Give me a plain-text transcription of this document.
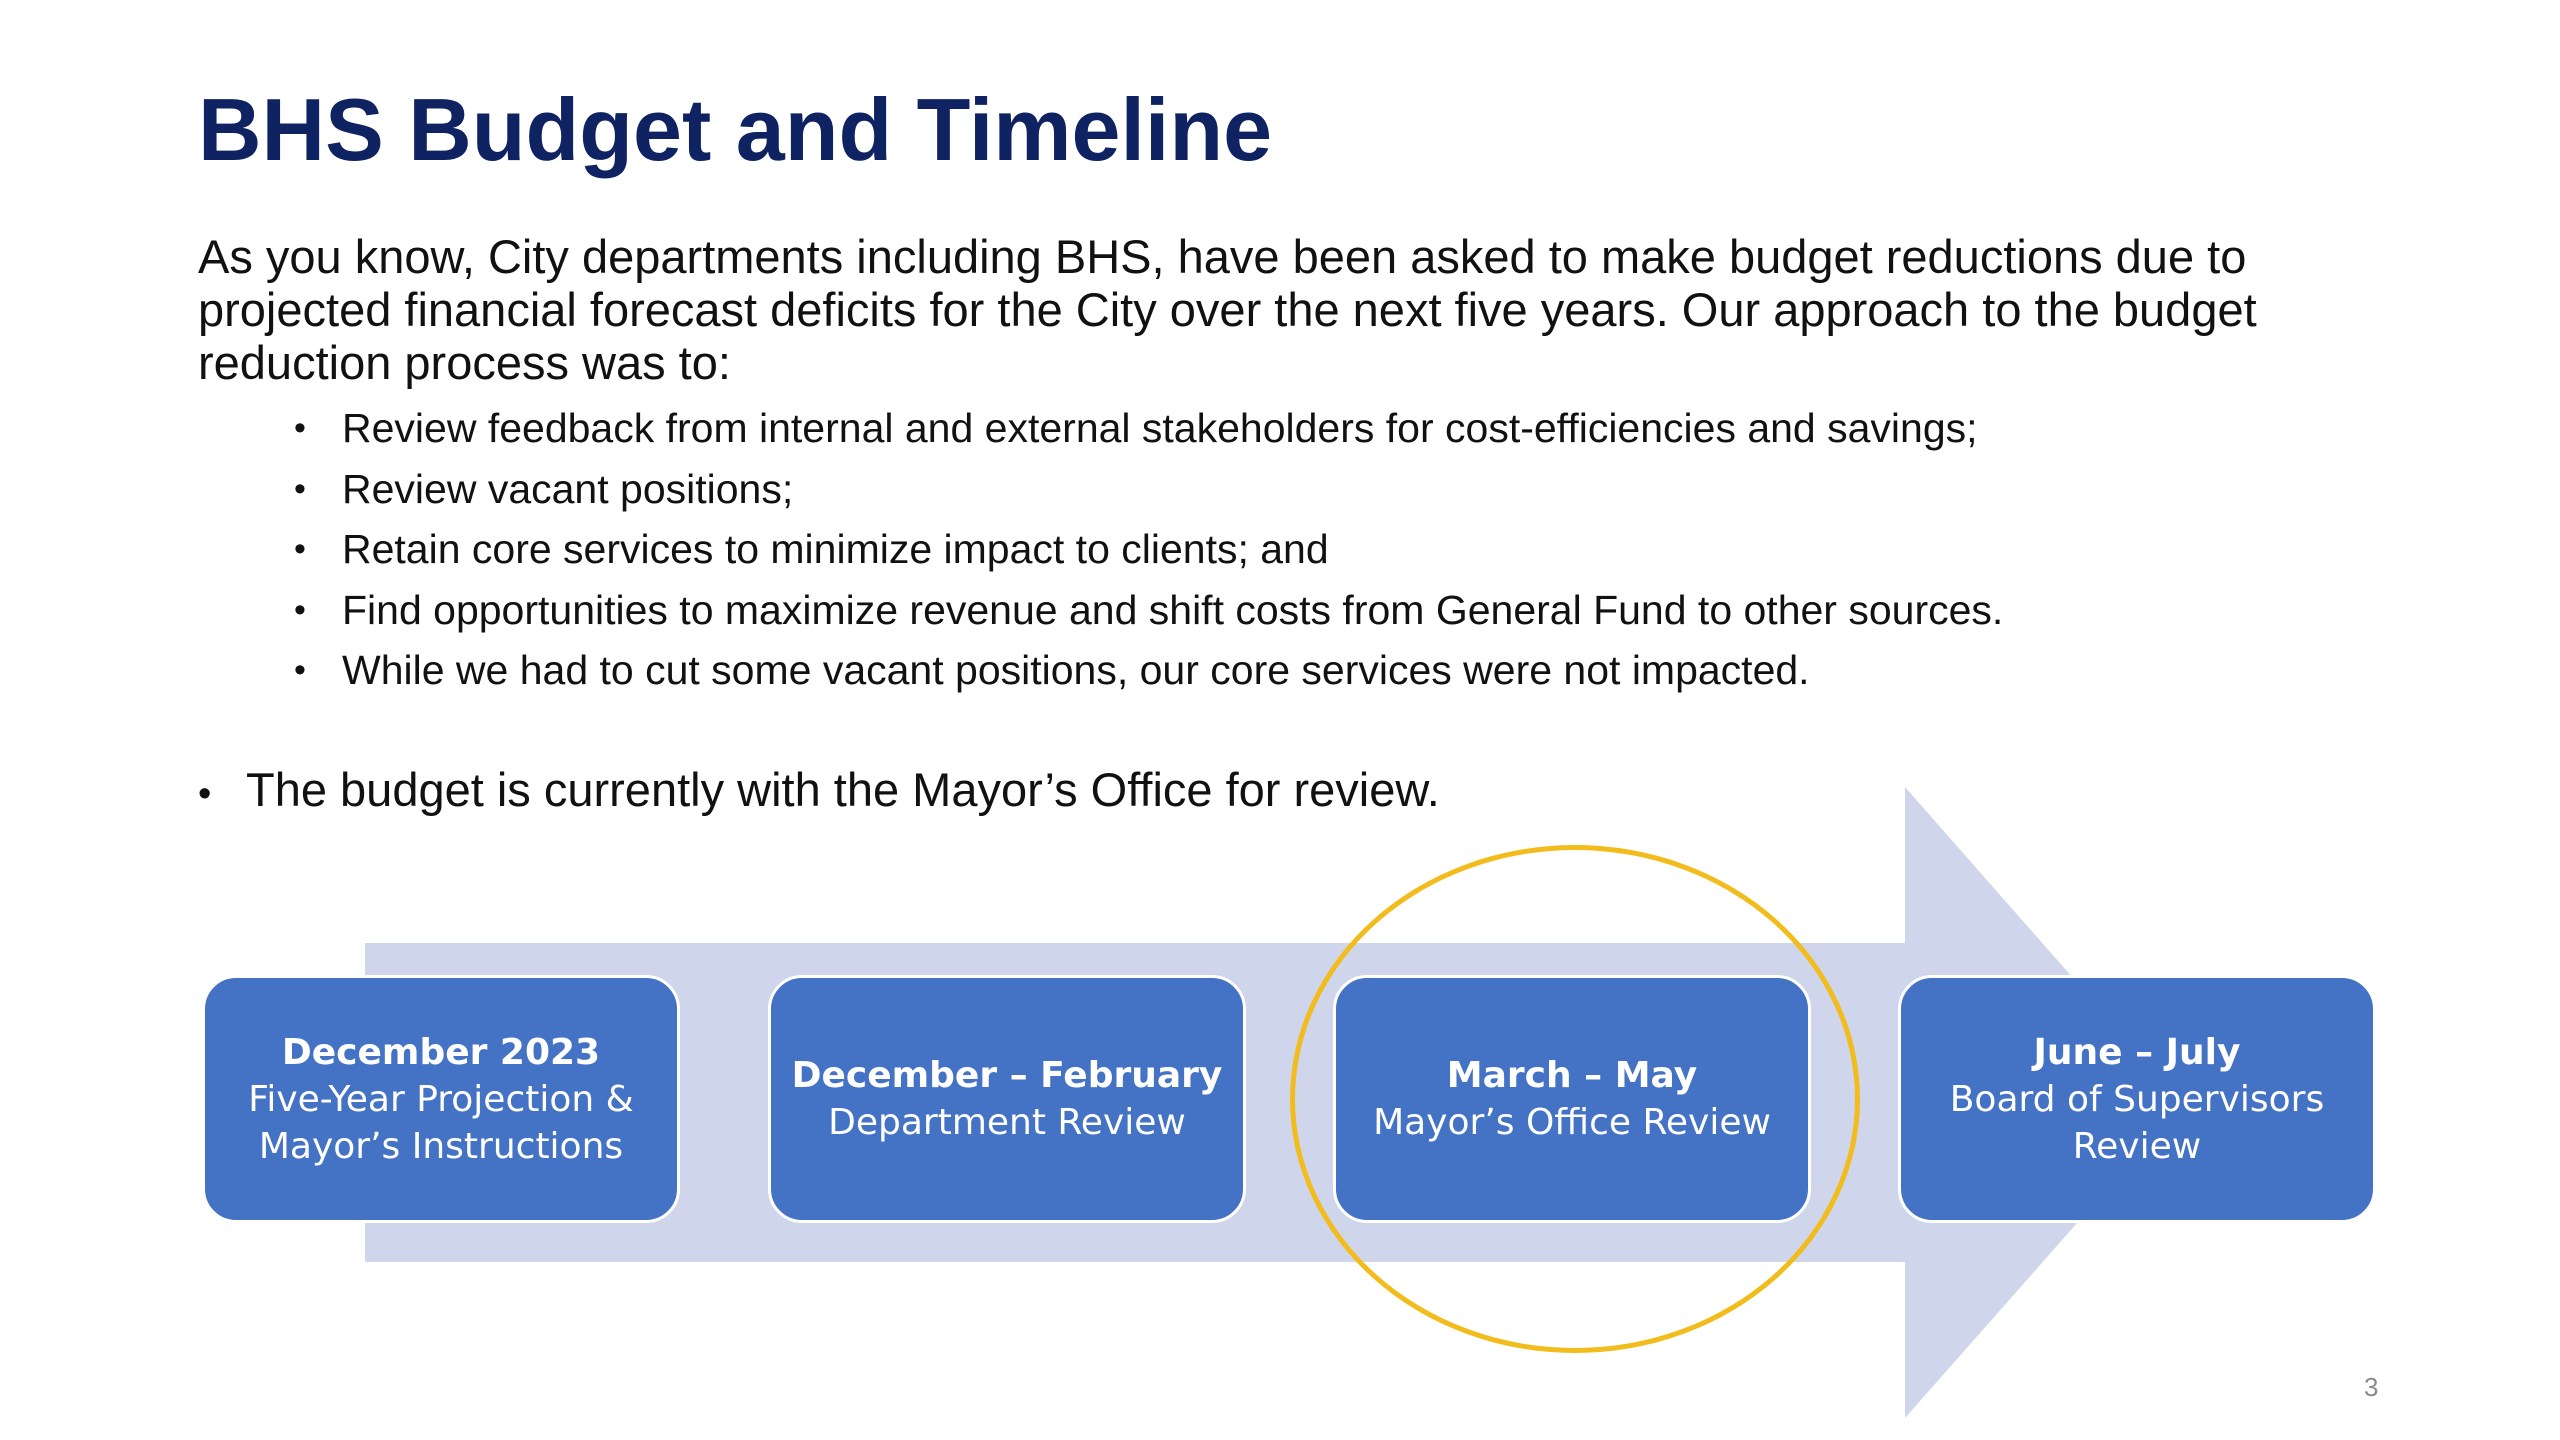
BHS Budget and Timeline

As you know, City departments including BHS, have been asked to make budget reductions due to projected financial forecast deficits for the City over the next five years. Our approach to the budget reduction process was to:

• Review feedback from internal and external stakeholders for cost-efficiencies and savings;
• Review vacant positions;
• Retain core services to minimize impact to clients; and
• Find opportunities to maximize revenue and shift costs from General Fund to other sources.
• While we had to cut some vacant positions, our core services were not impacted.
• The budget is currently with the Mayor’s Office for review.
December 2023
Five-Year Projection & Mayor’s Instructions
December – February
Department Review
March – May
Mayor’s Office Review
June – July
Board of Supervisors Review
3
